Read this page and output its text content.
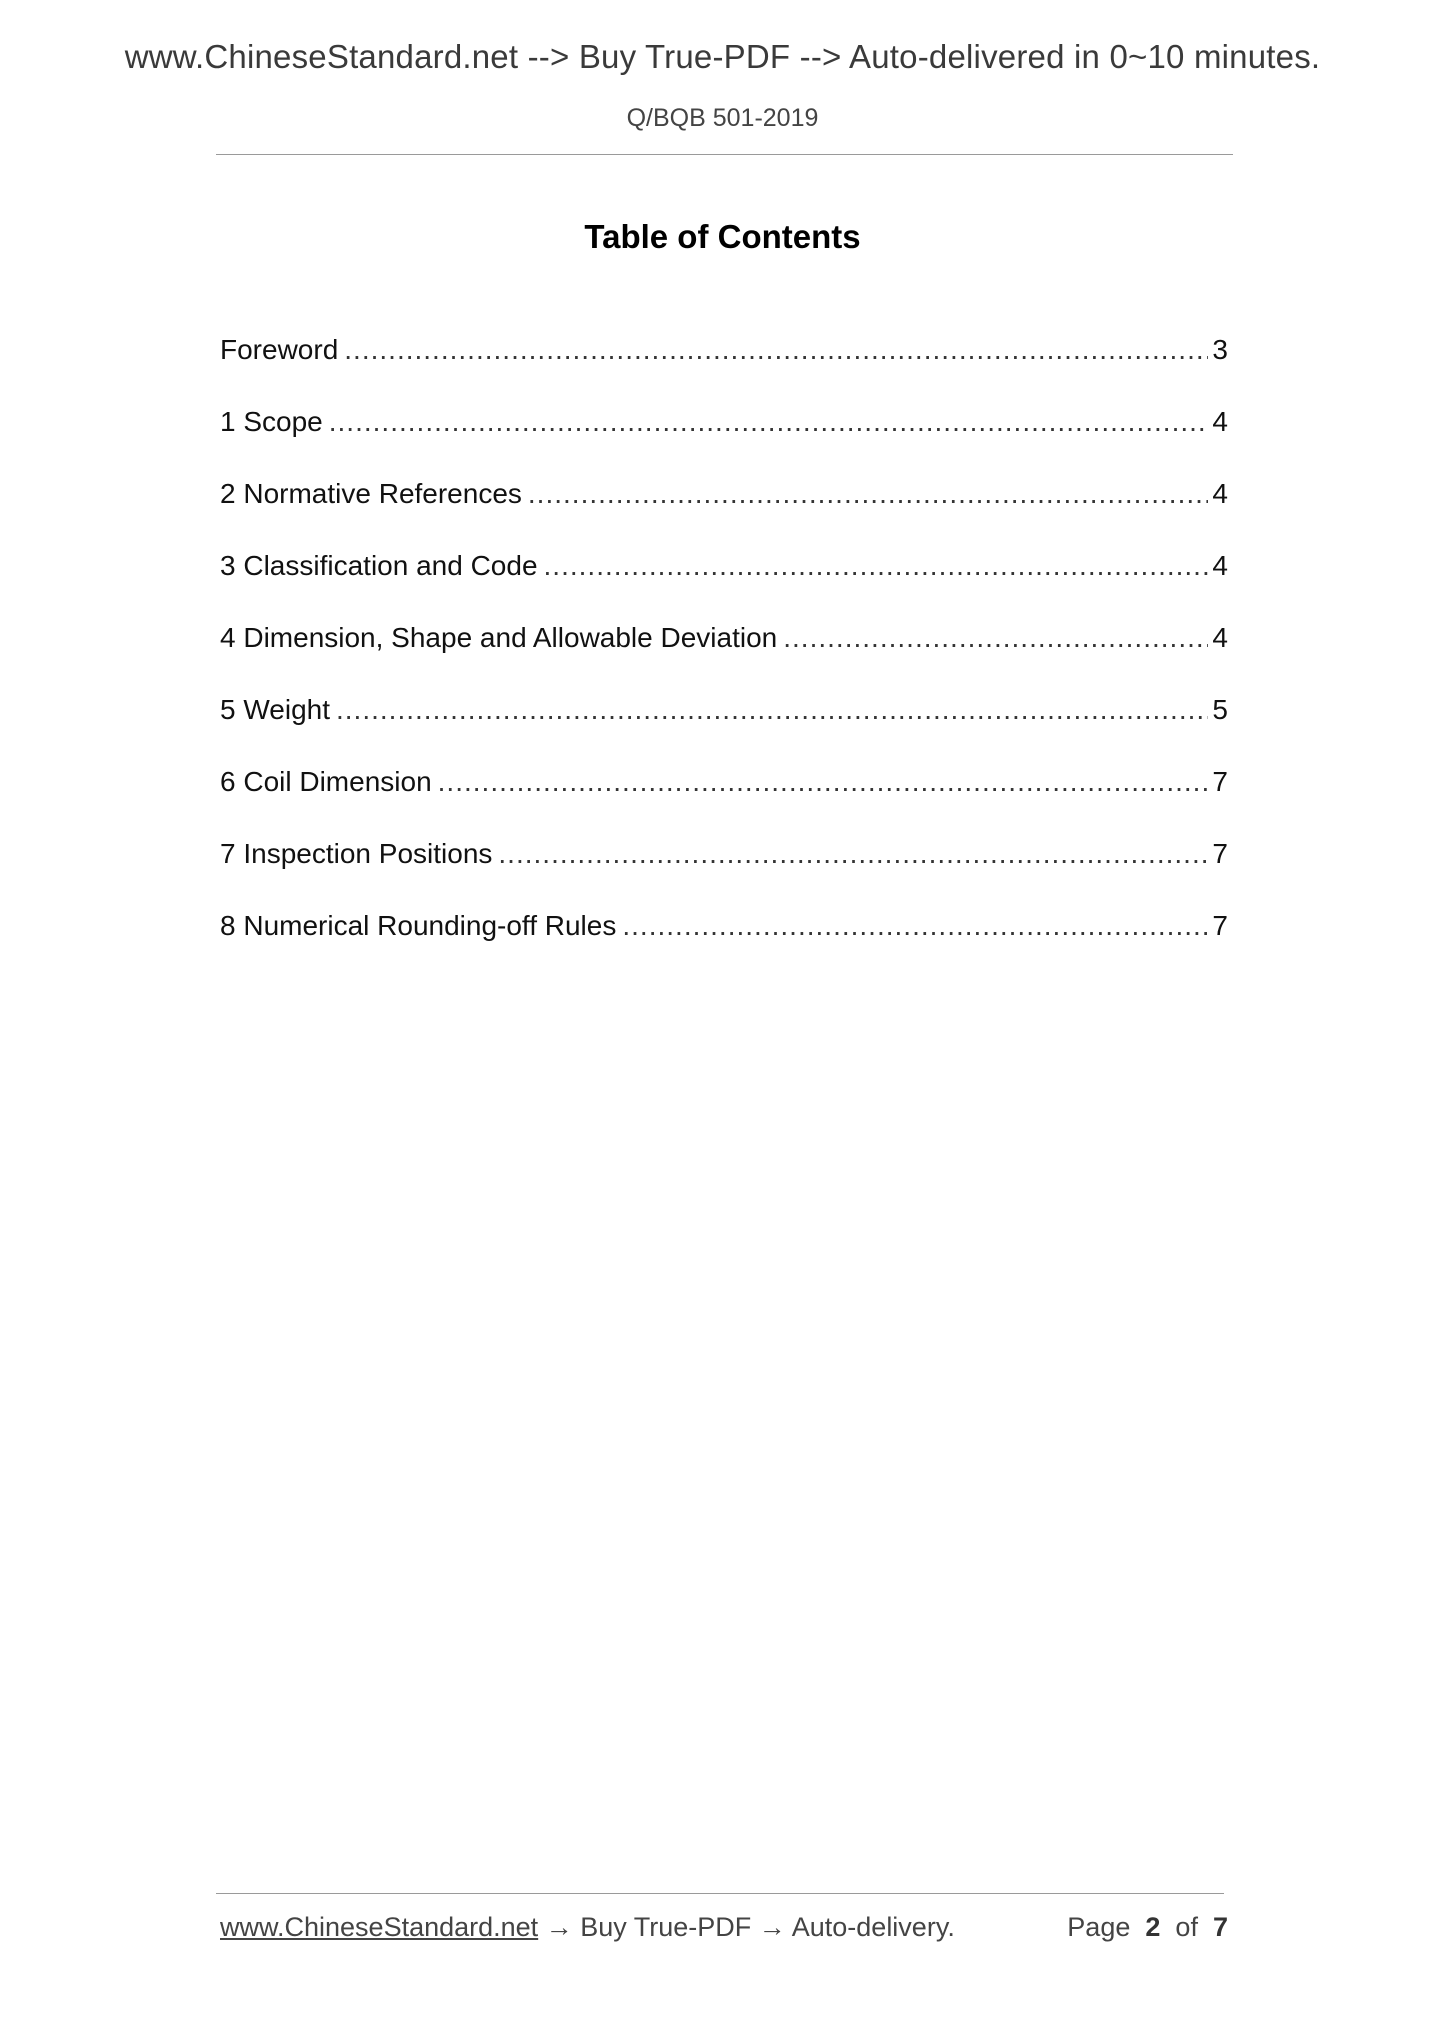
www.ChineseStandard.net --> Buy True-PDF --> Auto-delivered in 0~10 minutes.
Q/BQB 501-2019
Table of Contents
Foreword .....	3
1 Scope .....	4
2 Normative References .....	4
3 Classification and Code .....	4
4 Dimension, Shape and Allowable Deviation .....	4
5 Weight .....	5
6 Coil Dimension .....	7
7 Inspection Positions .....	7
8 Numerical Rounding-off Rules .....	7
www.ChineseStandard.net → Buy True-PDF → Auto-delivery.	Page 2 of 7
